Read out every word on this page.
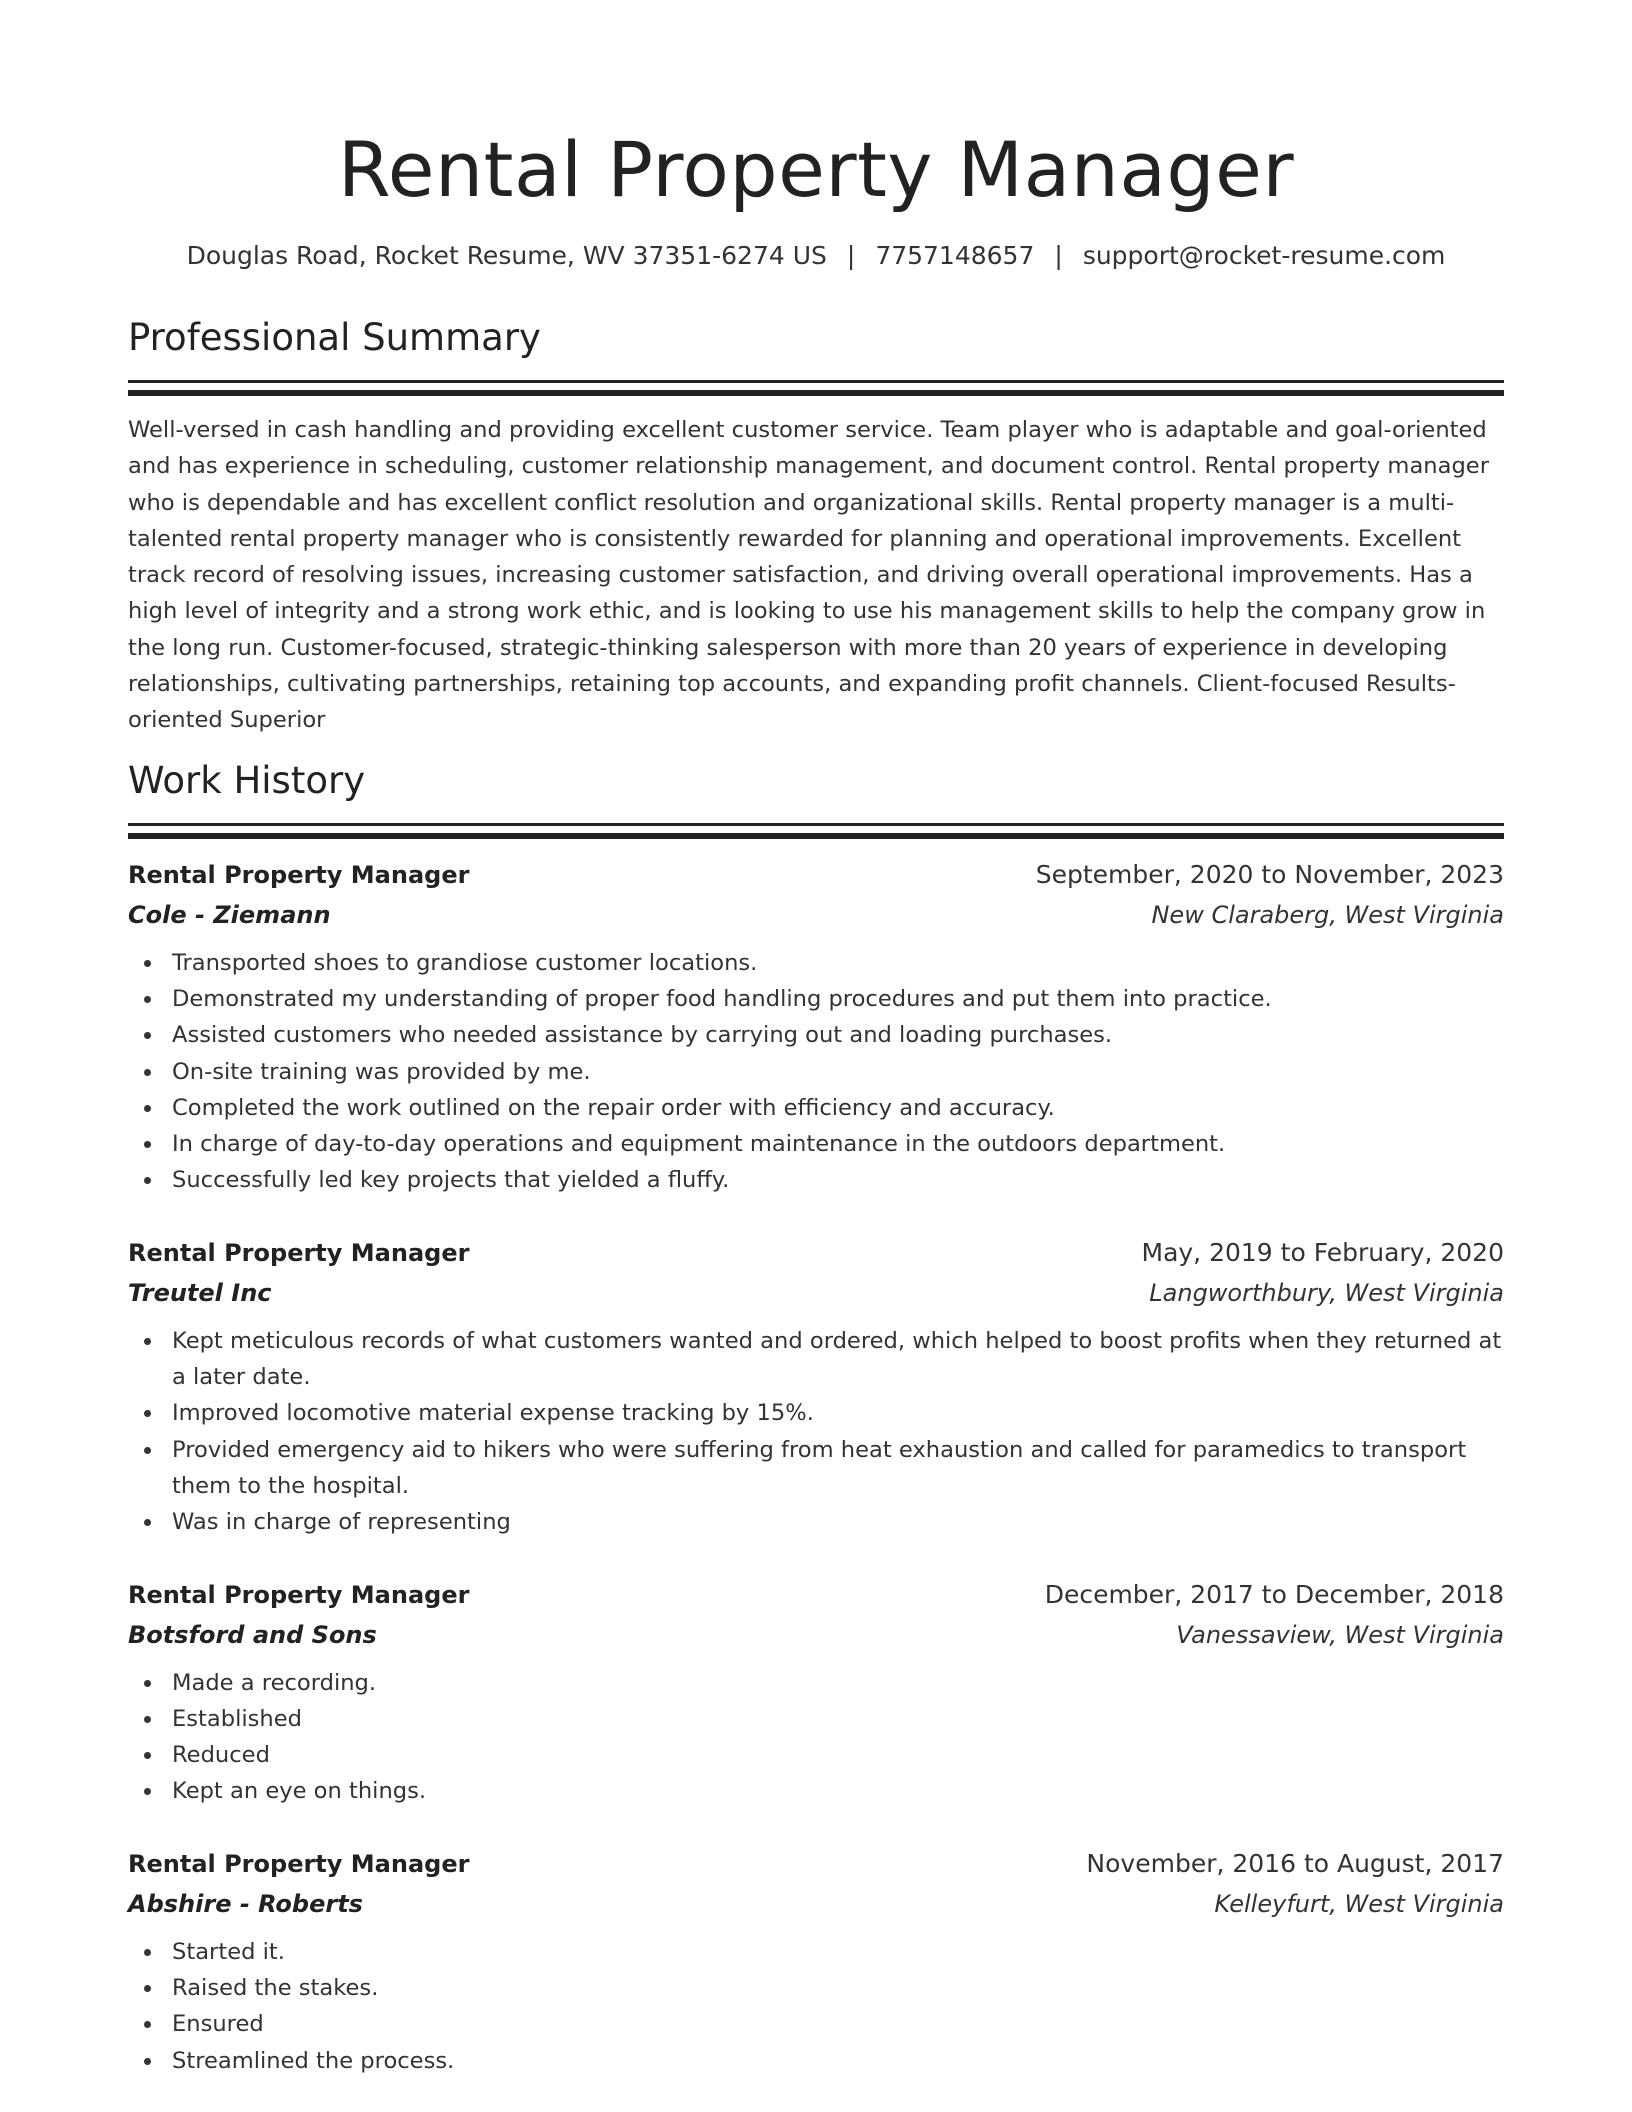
Rental Property Manager
Douglas Road, Rocket Resume, WV 37351-6274 US | 7757148657 | support@rocket-resume.com
Professional Summary

Well-versed in cash handling and providing excellent customer service. Team player who is adaptable and goal-oriented and has experience in scheduling, customer relationship management, and document control. Rental property manager who is dependable and has excellent conflict resolution and organizational skills. Rental property manager is a multi-talented rental property manager who is consistently rewarded for planning and operational improvements. Excellent track record of resolving issues, increasing customer satisfaction, and driving overall operational improvements. Has a high level of integrity and a strong work ethic, and is looking to use his management skills to help the company grow in the long run. Customer-focused, strategic-thinking salesperson with more than 20 years of experience in developing relationships, cultivating partnerships, retaining top accounts, and expanding profit channels. Client-focused Results-oriented Superior

Work History
Rental Property Manager	September, 2020 to November, 2023
Cole - Ziemann	New Claraberg, West Virginia
Transported shoes to grandiose customer locations.
Demonstrated my understanding of proper food handling procedures and put them into practice.
Assisted customers who needed assistance by carrying out and loading purchases.
On-site training was provided by me.
Completed the work outlined on the repair order with efficiency and accuracy.
In charge of day-to-day operations and equipment maintenance in the outdoors department.
Successfully led key projects that yielded a fluffy.
Rental Property Manager	May, 2019 to February, 2020
Treutel Inc	Langworthbury, West Virginia
Kept meticulous records of what customers wanted and ordered, which helped to boost profits when they returned at a later date.
Improved locomotive material expense tracking by 15%.
Provided emergency aid to hikers who were suffering from heat exhaustion and called for paramedics to transport them to the hospital.
Was in charge of representing
Rental Property Manager	December, 2017 to December, 2018
Botsford and Sons	Vanessaview, West Virginia
Made a recording.
Established
Reduced
Kept an eye on things.
Rental Property Manager	November, 2016 to August, 2017
Abshire - Roberts	Kelleyfurt, West Virginia
Started it.
Raised the stakes.
Ensured
Streamlined the process.
